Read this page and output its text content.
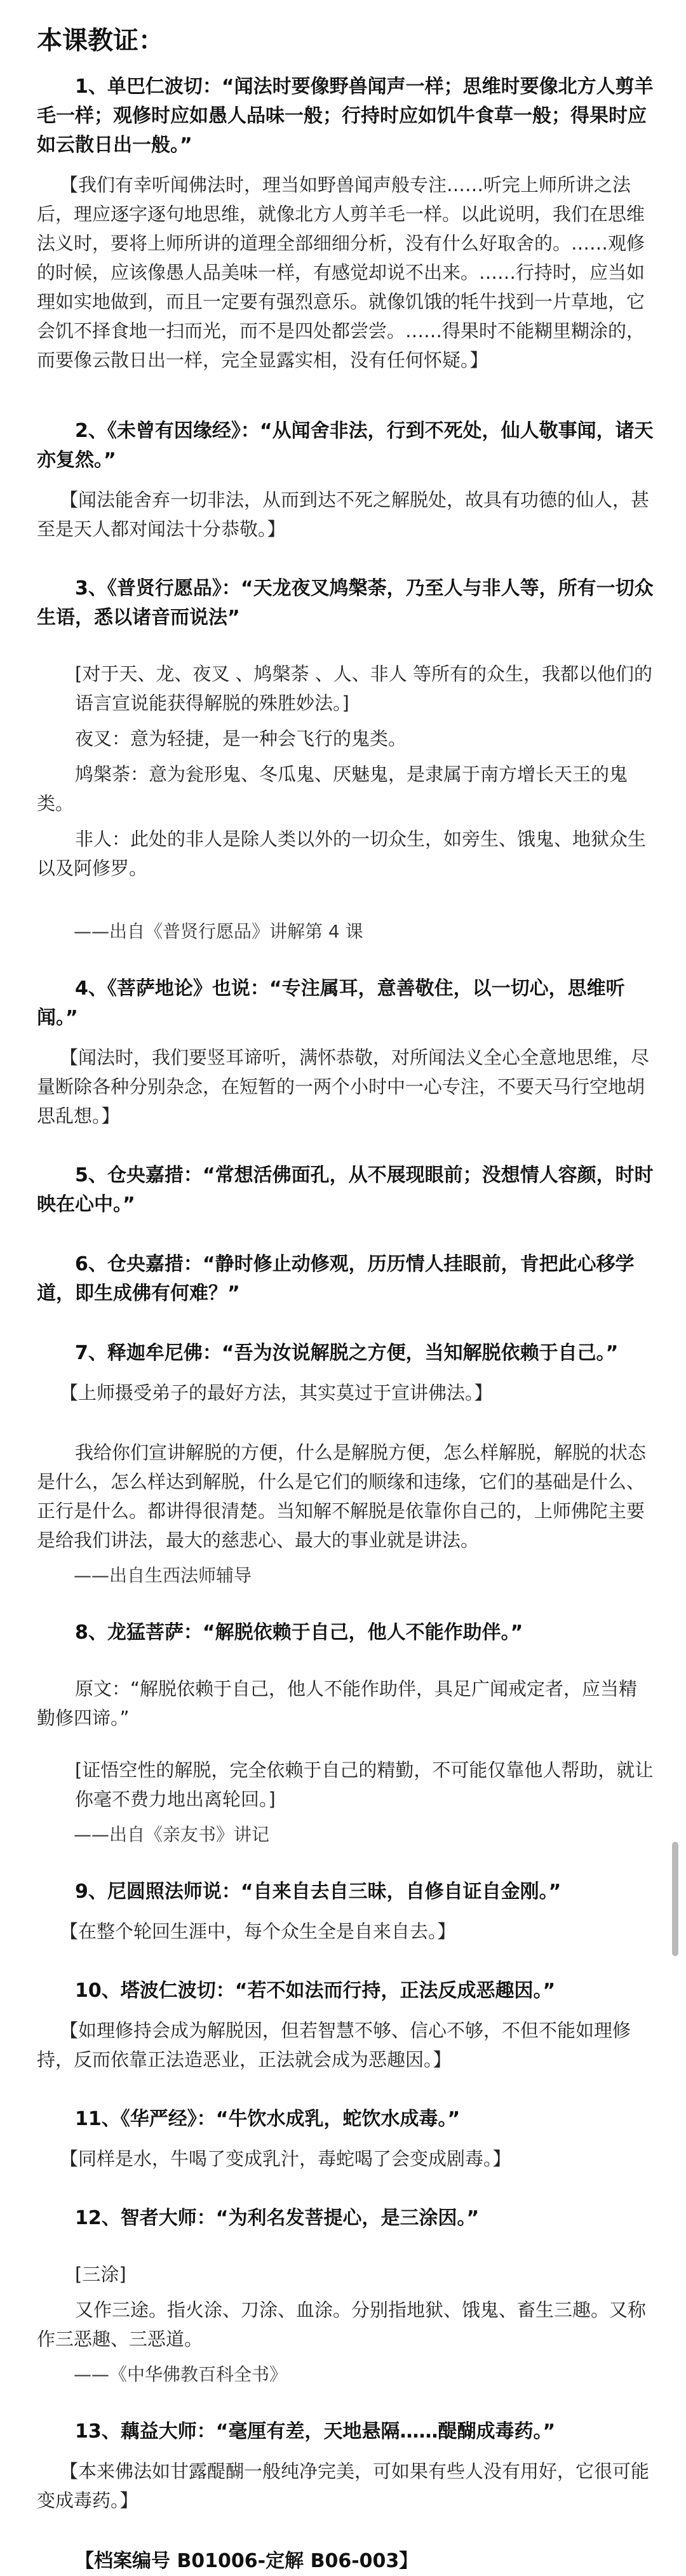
本课教证：

1、单巴仁波切：“闻法时要像野兽闻声一样；思维时要像北方人剪羊毛一样；观修时应如愚人品味一般；行持时应如饥牛食草一般；得果时应如云散日出一般。”

【我们有幸听闻佛法时，理当如野兽闻声般专注……听完上师所讲之法后，理应逐字逐句地思维，就像北方人剪羊毛一样。以此说明，我们在思维法义时，要将上师所讲的道理全部细细分析，没有什么好取舍的。……观修的时候，应该像愚人品美味一样，有感觉却说不出来。……行持时，应当如理如实地做到，而且一定要有强烈意乐。就像饥饿的牦牛找到一片草地，它会饥不择食地一扫而光，而不是四处都尝尝。……得果时不能糊里糊涂的，而要像云散日出一样，完全显露实相，没有任何怀疑。】

2、《未曾有因缘经》：“从闻舍非法，行到不死处，仙人敬事闻，诸天亦复然。”

【闻法能舍弃一切非法，从而到达不死之解脱处，故具有功德的仙人，甚至是天人都对闻法十分恭敬。】

3、《普贤行愿品》：“天龙夜叉鸠槃荼，乃至人与非人等，所有一切众生语，悉以诸音而说法”

[对于天、龙、夜叉 、鸠槃荼 、人、非人 等所有的众生，我都以他们的语言宣说能获得解脱的殊胜妙法。]

夜叉：意为轻捷，是一种会飞行的鬼类。

鸠槃荼：意为瓮形鬼、冬瓜鬼、厌魅鬼，是隶属于南方增长天王的鬼类。

非人：此处的非人是除人类以外的一切众生，如旁生、饿鬼、地狱众生以及阿修罗。

——出自《普贤行愿品》讲解第 4 课

4、《菩萨地论》也说：“专注属耳，意善敬住，以一切心，思维听闻。”

【闻法时，我们要竖耳谛听，满怀恭敬，对所闻法义全心全意地思维，尽量断除各种分别杂念，在短暂的一两个小时中一心专注，不要天马行空地胡思乱想。】

5、仓央嘉措：“常想活佛面孔，从不展现眼前；没想情人容颜，时时映在心中。”

6、仓央嘉措：“静时修止动修观，历历情人挂眼前，肯把此心移学道，即生成佛有何难？”

7、释迦牟尼佛：“吾为汝说解脱之方便，当知解脱依赖于自己。”

【上师摄受弟子的最好方法，其实莫过于宣讲佛法。】

我给你们宣讲解脱的方便，什么是解脱方便，怎么样解脱，解脱的状态是什么，怎么样达到解脱，什么是它们的顺缘和违缘，它们的基础是什么、正行是什么。都讲得很清楚。当知解不解脱是依靠你自己的，上师佛陀主要是给我们讲法，最大的慈悲心、最大的事业就是讲法。

——出自生西法师辅导

8、龙猛菩萨：“解脱依赖于自己，他人不能作助伴。”

原文：“解脱依赖于自己，他人不能作助伴，具足广闻戒定者，应当精勤修四谛。”

[证悟空性的解脱，完全依赖于自己的精勤，不可能仅靠他人帮助，就让你毫不费力地出离轮回。]

——出自《亲友书》讲记

9、尼圆照法师说：“自来自去自三昧，自修自证自金刚。”

【在整个轮回生涯中，每个众生全是自来自去。】

10、塔波仁波切：“若不如法而行持，正法反成恶趣因。”

【如理修持会成为解脱因，但若智慧不够、信心不够，不但不能如理修持，反而依靠正法造恶业，正法就会成为恶趣因。】

11、《华严经》：“牛饮水成乳，蛇饮水成毒。”

【同样是水，牛喝了变成乳汁，毒蛇喝了会变成剧毒。】

12、智者大师：“为利名发菩提心，是三涂因。”

[三涂]

又作三途。指火涂、刀涂、血涂。分别指地狱、饿鬼、畜生三趣。又称作三恶趣、三恶道。

——《中华佛教百科全书》

13、藕益大师：“毫厘有差，天地悬隔……醍醐成毒药。”

【本来佛法如甘露醍醐一般纯净完美，可如果有些人没有用好，它很可能变成毒药。】

【档案编号 B01006-定解 B06-003】
